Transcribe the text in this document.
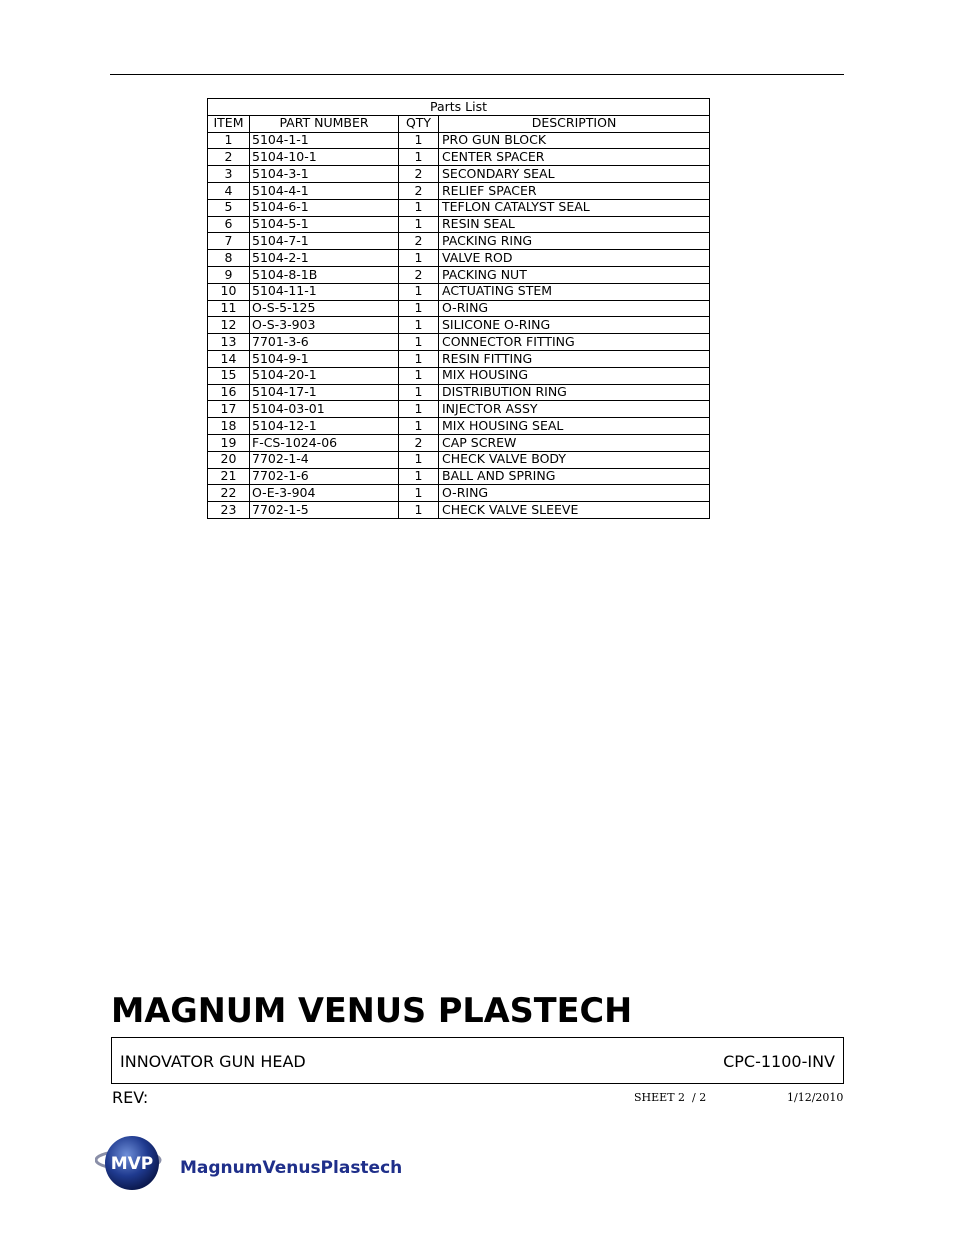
Parts List			
ITEM	PART NUMBER	QTY	DESCRIPTION
1	5104-1-1	1	PRO GUN BLOCK
2	5104-10-1	1	CENTER SPACER
3	5104-3-1	2	SECONDARY SEAL
4	5104-4-1	2	RELIEF SPACER
5	5104-6-1	1	TEFLON CATALYST SEAL
6	5104-5-1	1	RESIN SEAL
7	5104-7-1	2	PACKING RING
8	5104-2-1	1	VALVE ROD
9	5104-8-1B	2	PACKING NUT
10	5104-11-1	1	ACTUATING STEM
11	O-S-5-125	1	O-RING
12	O-S-3-903	1	SILICONE O-RING
13	7701-3-6	1	CONNECTOR FITTING
14	5104-9-1	1	RESIN FITTING
15	5104-20-1	1	MIX HOUSING
16	5104-17-1	1	DISTRIBUTION RING
17	5104-03-01	1	INJECTOR ASSY
18	5104-12-1	1	MIX HOUSING SEAL
19	F-CS-1024-06	2	CAP SCREW
20	7702-1-4	1	CHECK VALVE BODY
21	7702-1-6	1	BALL AND SPRING
22	O-E-3-904	1	O-RING
23	7702-1-5	1	CHECK VALVE SLEEVE
MAGNUM VENUS PLASTECH
INNOVATOR GUN HEAD	CPC-1100-INV
REV:	SHEET 2  / 2	1/12/2010
MVP MagnumVenusPlastech
